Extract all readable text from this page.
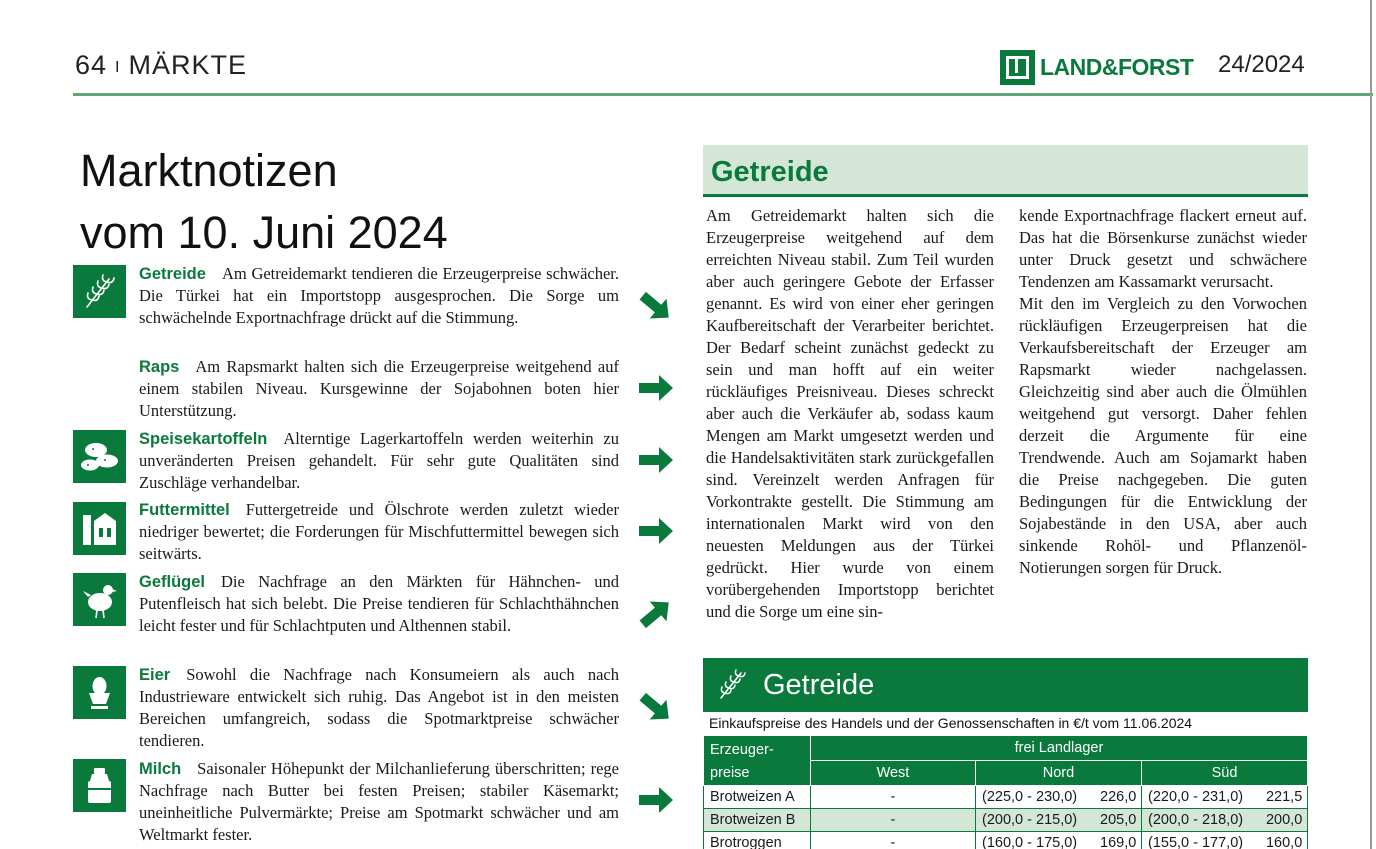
64 I MÄRKTE	LAND&FORST 24/2024
Marktnotizen
vom 10. Juni 2024
Getreide Am Getreidemarkt tendieren die Erzeugerpreise schwächer. Die Türkei hat ein Importstopp ausgesprochen. Die Sorge um schwächelnde Exportnachfrage drückt auf die Stimmung.
Raps Am Rapsmarkt halten sich die Erzeugerpreise weitgehend auf einem stabilen Niveau. Kursgewinne der Sojabohnen boten hier Unterstützung.
Speisekartoffeln Alterntige Lagerkartoffeln werden weiterhin zu unveränderten Preisen gehandelt. Für sehr gute Qualitäten sind Zuschläge verhandelbar.
Futtermittel Futtergetreide und Ölschrote werden zuletzt wieder niedriger bewertet; die Forderungen für Mischfuttermittel bewegen sich seitwärts.
Geflügel Die Nachfrage an den Märkten für Hähnchen- und Putenfleisch hat sich belebt. Die Preise tendieren für Schlachthähnchen leicht fester und für Schlachtputen und Althennen stabil.
Eier Sowohl die Nachfrage nach Konsumeiern als auch nach Industrieware entwickelt sich ruhig. Das Angebot ist in den meisten Bereichen umfangreich, sodass die Spotmarktpreise schwächer tendieren.
Milch Saisonaler Höhepunkt der Milchanlieferung überschritten; rege Nachfrage nach Butter bei festen Preisen; stabiler Käsemarkt; uneinheitliche Pulvermärkte; Preise am Spotmarkt schwächer und am Weltmarkt fester.
Getreide

Am Getreidemarkt halten sich die Erzeugerpreise weitgehend auf dem erreichten Niveau stabil. Zum Teil wurden aber auch geringere Gebote der Erfasser genannt. Es wird von einer eher geringen Kaufbereitschaft der Verarbeiter berichtet. Der Bedarf scheint zunächst gedeckt zu sein und man hofft auf ein weiter rückläufiges Preisniveau. Dieses schreckt aber auch die Verkäufer ab, sodass kaum Mengen am Markt umgesetzt werden und die Handelsaktivitäten stark zurückgefallen sind. Vereinzelt werden Anfragen für Vorkontrakte gestellt. Die Stimmung am internationalen Markt wird von den neuesten Meldungen aus der Türkei gedrückt. Hier wurde von einem vorübergehenden Importstopp berichtet und die Sorge um eine sin-

kende Exportnachfrage flackert erneut auf. Das hat die Börsenkurse zunächst wieder unter Druck gesetzt und schwächere Tendenzen am Kassamarkt verursacht.

Mit den im Vergleich zu den Vorwochen rückläufigen Erzeugerpreisen hat die Verkaufsbereitschaft der Erzeuger am Rapsmarkt wieder nachgelassen. Gleichzeitig sind aber auch die Ölmühlen weitgehend gut versorgt. Daher fehlen derzeit die Argumente für eine Trendwende. Auch am Sojamarkt haben die Preise nachgegeben. Die guten Bedingungen für die Entwicklung der Sojabestände in den USA, aber auch sinkende Rohöl- und Pflanzenöl-Notierungen sorgen für Druck.

Getreide
Einkaufspreise des Handels und der Genossenschaften in €/t vom 11.06.2024
Erzeuger-preise	frei Landlager		
	West	Nord	Süd
Brotweizen A	-	(225,0 - 230,0) 226,0	(220,0 - 231,0) 221,5
Brotweizen B	-	(200,0 - 215,0) 205,0	(200,0 - 218,0) 200,0
Brotroggen	-	(160,0 - 175,0) 169,0	(155,0 - 177,0) 160,0
